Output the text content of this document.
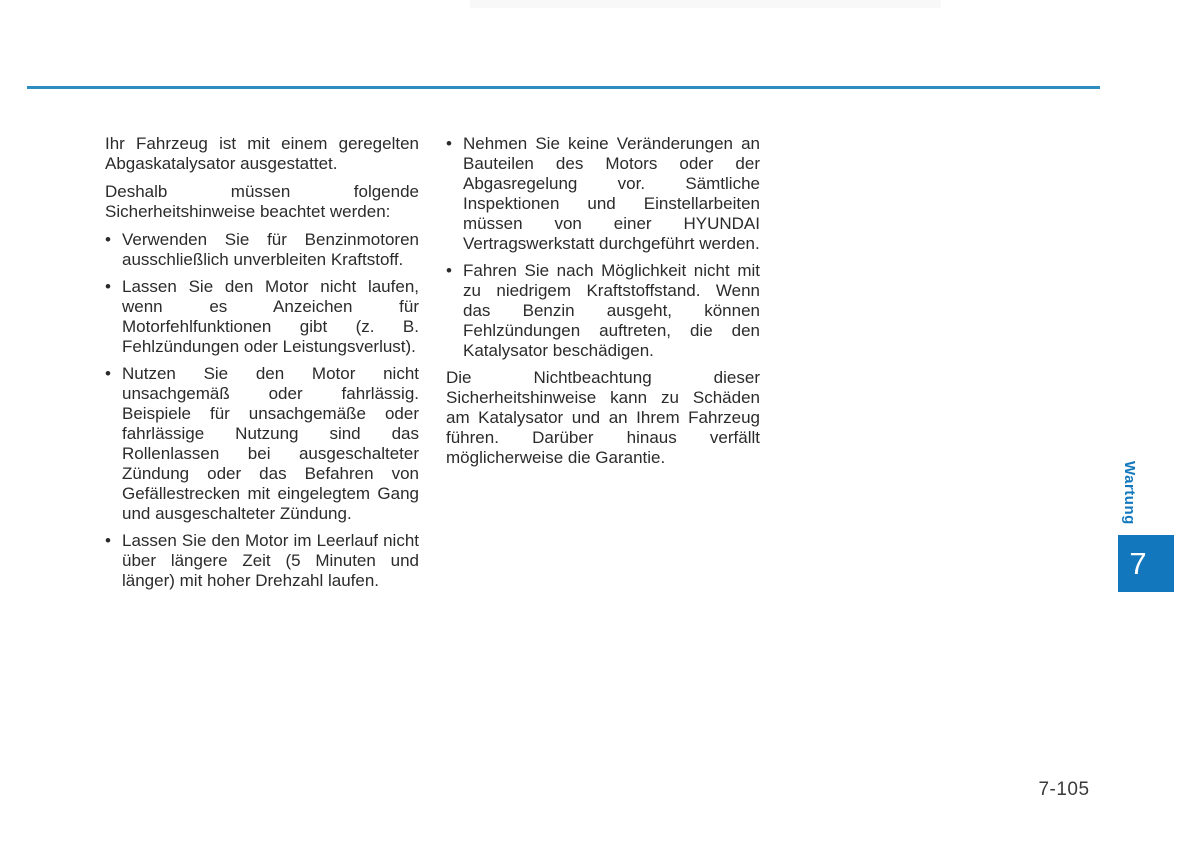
Ihr Fahrzeug ist mit einem geregelten Abgaskatalysator ausgestattet.

Deshalb müssen folgende Sicherheitshinweise beachtet werden:

• Verwenden Sie für Benzinmotoren ausschließlich unverbleiten Kraftstoff.
• Lassen Sie den Motor nicht laufen, wenn es Anzeichen für Motorfehlfunktionen gibt (z. B. Fehlzündungen oder Leistungsverlust).
• Nutzen Sie den Motor nicht unsachgemäß oder fahrlässig. Beispiele für unsachgemäße oder fahrlässige Nutzung sind das Rollenlassen bei ausgeschalteter Zündung oder das Befahren von Gefällestrecken mit eingelegtem Gang und ausgeschalteter Zündung.
• Lassen Sie den Motor im Leerlauf nicht über längere Zeit (5 Minuten und länger) mit hoher Drehzahl laufen.
• Nehmen Sie keine Veränderungen an Bauteilen des Motors oder der Abgasregelung vor. Sämtliche Inspektionen und Einstellarbeiten müssen von einer HYUNDAI Vertragswerkstatt durchgeführt werden.
• Fahren Sie nach Möglichkeit nicht mit zu niedrigem Kraftstoffstand. Wenn das Benzin ausgeht, können Fehlzündungen auftreten, die den Katalysator beschädigen.

Die Nichtbeachtung dieser Sicherheitshinweise kann zu Schäden am Katalysator und an Ihrem Fahrzeug führen. Darüber hinaus verfällt möglicherweise die Garantie.

Wartung
7
7-105
